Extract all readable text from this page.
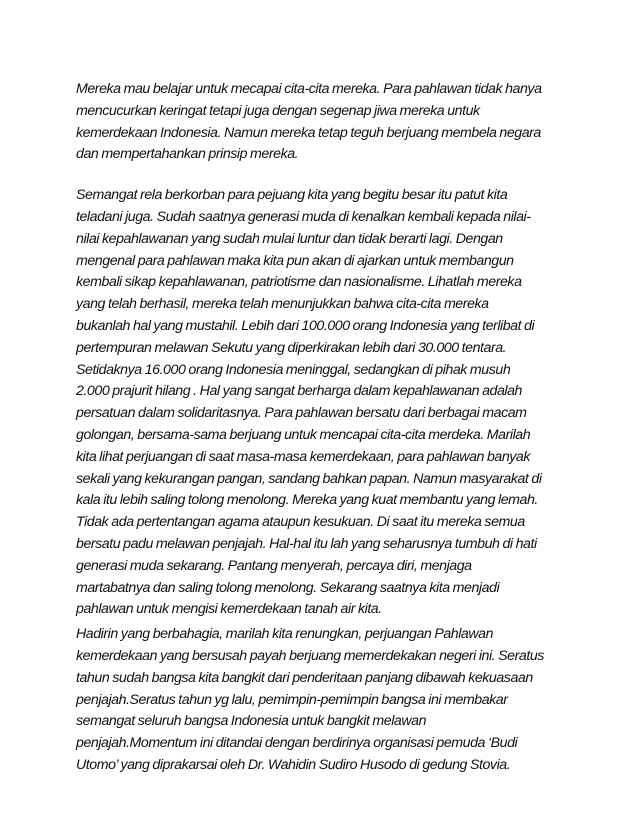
Mereka mau belajar untuk mecapai cita-cita mereka. Para pahlawan tidak hanya
mencucurkan keringat tetapi juga dengan segenap jiwa mereka untuk
kemerdekaan Indonesia. Namun mereka tetap teguh berjuang membela negara
dan mempertahankan prinsip mereka.
Semangat rela berkorban para pejuang kita yang begitu besar itu patut kita
teladani juga. Sudah saatnya generasi muda di kenalkan kembali kepada nilai-
nilai kepahlawanan yang sudah mulai luntur dan tidak berarti lagi. Dengan
mengenal para pahlawan maka kita pun akan di ajarkan untuk membangun
kembali sikap kepahlawanan, patriotisme dan nasionalisme. Lihatlah mereka
yang telah berhasil, mereka telah menunjukkan bahwa cita-cita mereka
bukanlah hal yang mustahil. Lebih dari 100.000 orang Indonesia yang terlibat di
pertempuran melawan Sekutu yang diperkirakan lebih dari 30.000 tentara.
Setidaknya 16.000 orang Indonesia meninggal, sedangkan di pihak musuh
2.000 prajurit hilang . Hal yang sangat berharga dalam kepahlawanan adalah
persatuan dalam solidaritasnya. Para pahlawan bersatu dari berbagai macam
golongan, bersama-sama berjuang untuk mencapai cita-cita merdeka. Marilah
kita lihat perjuangan di saat masa-masa kemerdekaan, para pahlawan banyak
sekali yang kekurangan pangan, sandang bahkan papan. Namun masyarakat di
kala itu lebih saling tolong menolong. Mereka yang kuat membantu yang lemah.
Tidak ada pertentangan agama ataupun kesukuan. Di saat itu mereka semua
bersatu padu melawan penjajah. Hal-hal itu lah yang seharusnya tumbuh di hati
generasi muda sekarang. Pantang menyerah, percaya diri, menjaga
martabatnya dan saling tolong menolong. Sekarang saatnya kita menjadi
pahlawan untuk mengisi kemerdekaan tanah air kita.
Hadirin yang berbahagia, marilah kita renungkan, perjuangan Pahlawan
kemerdekaan yang bersusah payah berjuang memerdekakan negeri ini. Seratus
tahun sudah bangsa kita bangkit dari penderitaan panjang dibawah kekuasaan
penjajah.Seratus tahun yg lalu, pemimpin-pemimpin bangsa ini membakar
semangat seluruh bangsa Indonesia untuk bangkit melawan
penjajah.Momentum ini ditandai dengan berdirinya organisasi pemuda ‘Budi
Utomo’ yang diprakarsai oleh Dr. Wahidin Sudiro Husodo di gedung Stovia.
